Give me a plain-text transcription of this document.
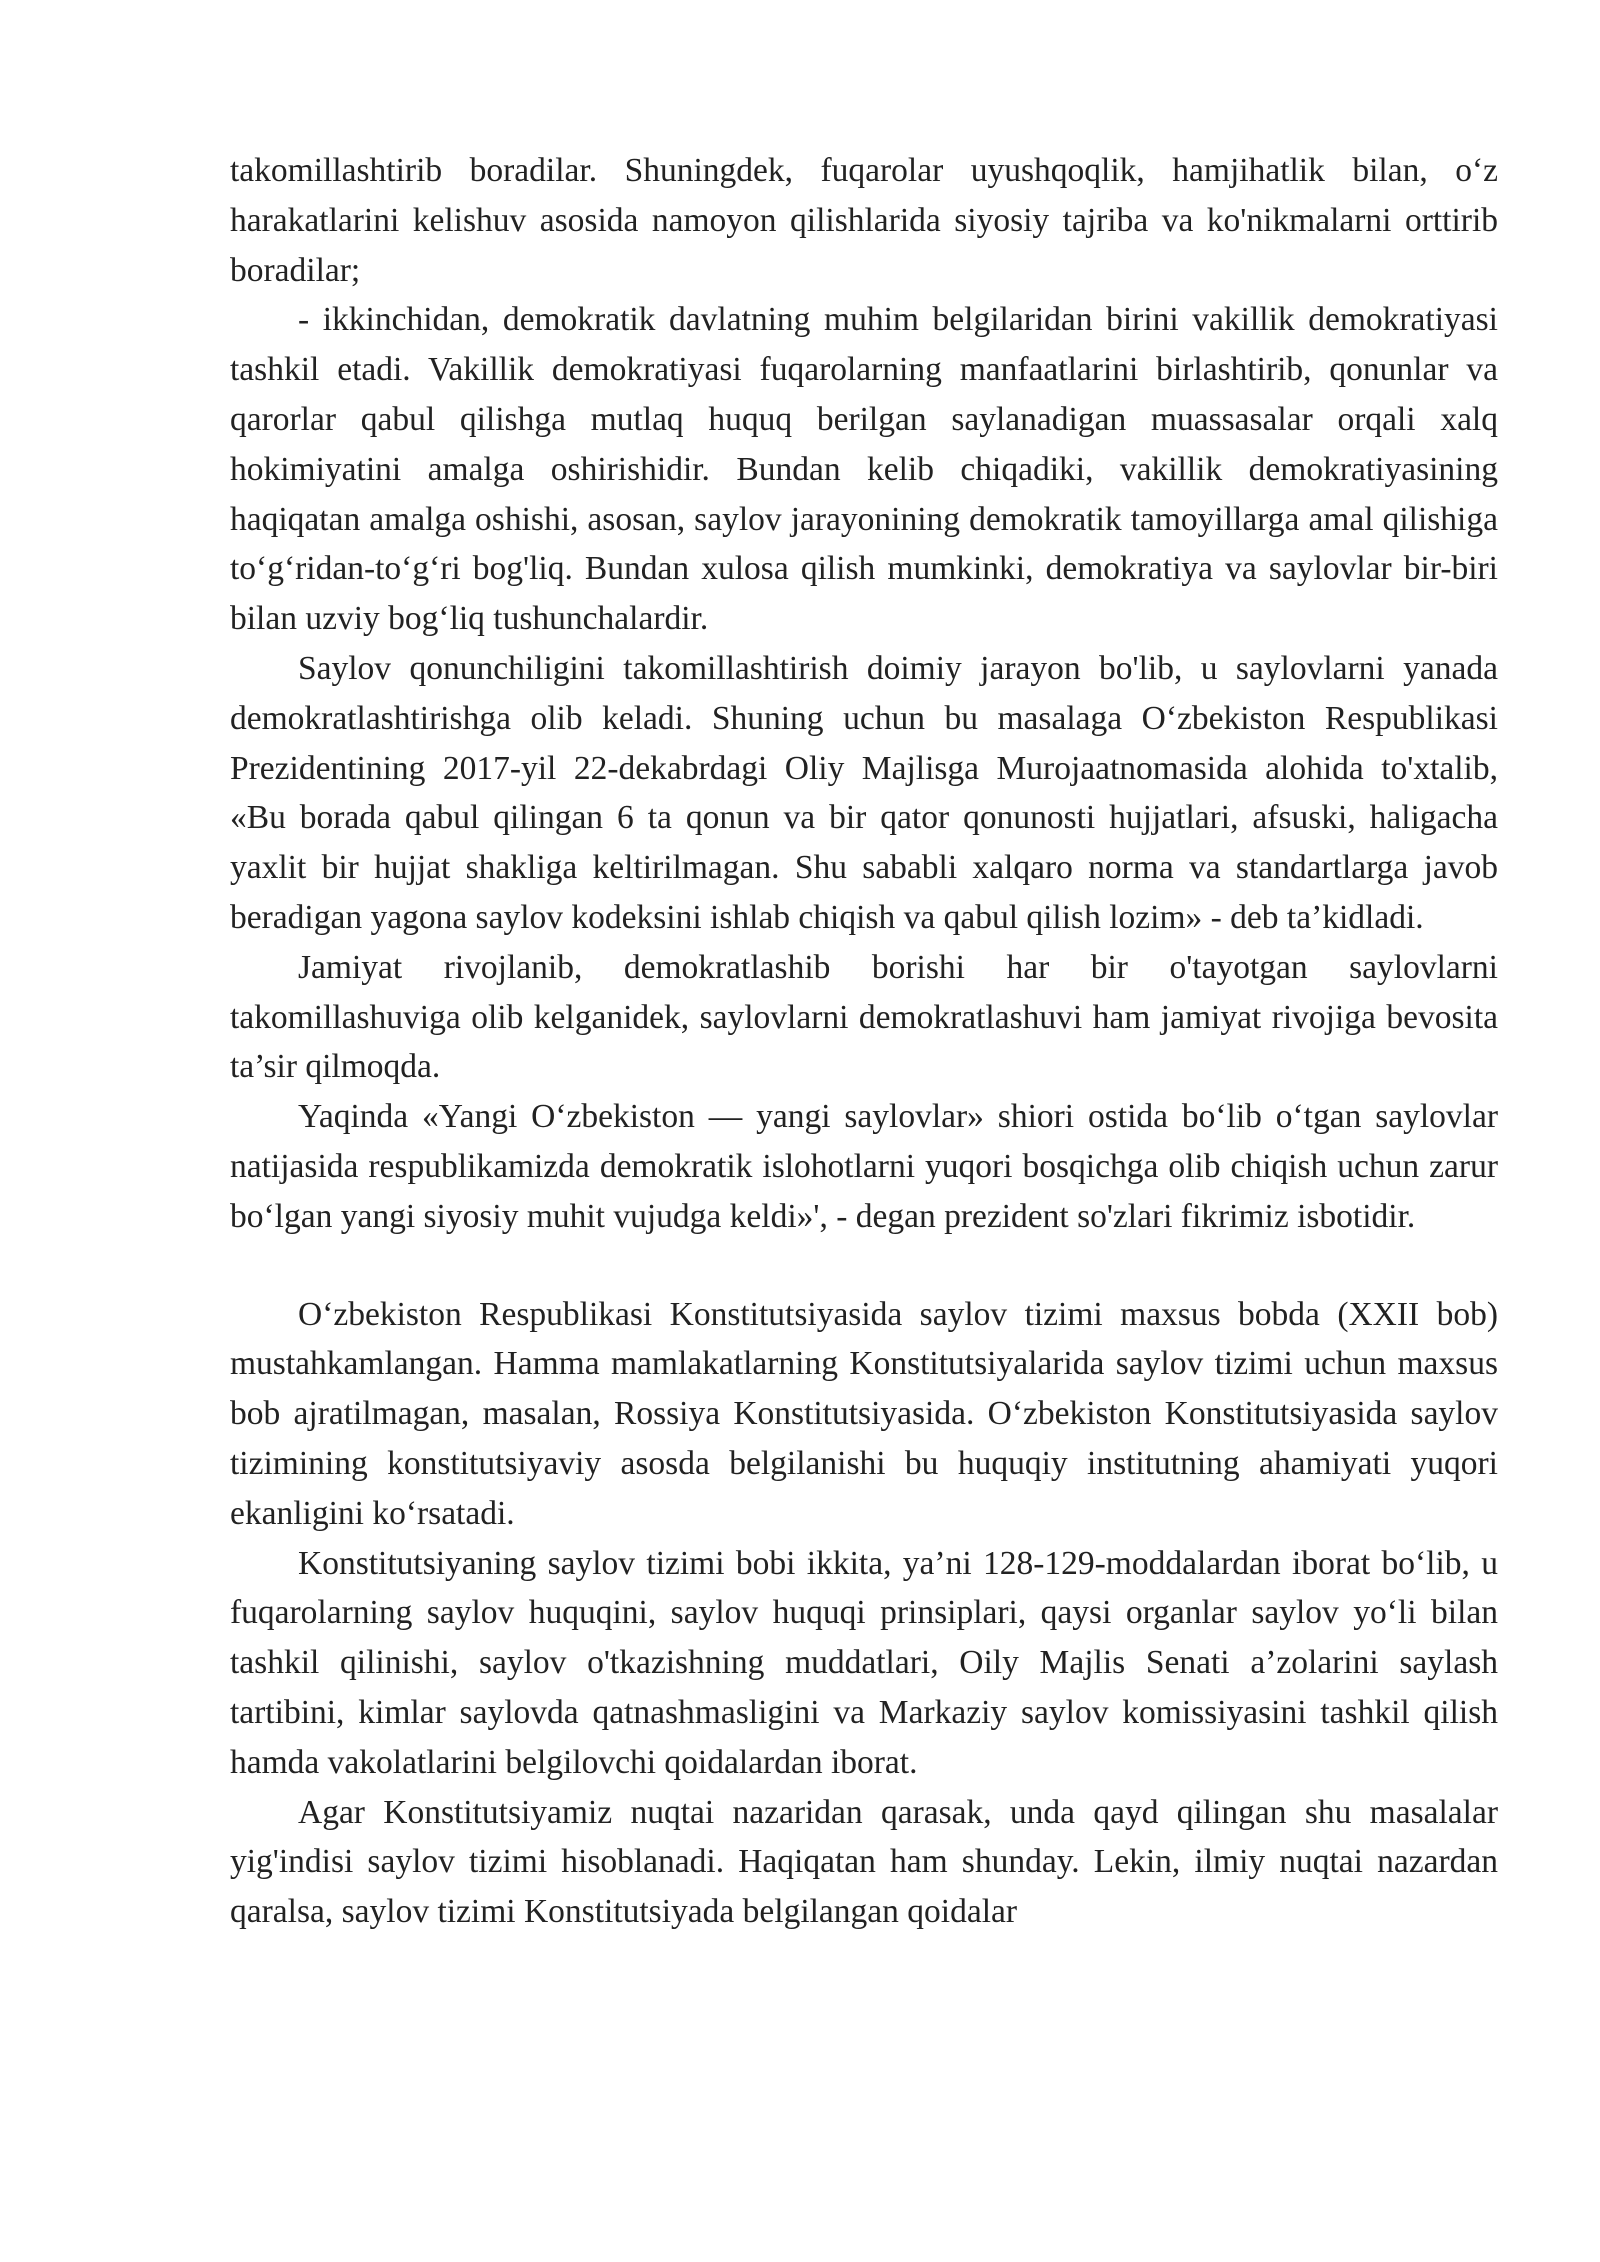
takomillashtirib boradilar. Shuningdek, fuqarolar uyushqoqlik, hamjihatlik bilan, o‘z harakatlarini kelishuv asosida namoyon qilishlarida siyosiy tajriba va ko'nikmalarni orttirib boradilar;

- ikkinchidan, demokratik davlatning muhim belgilaridan birini vakillik demokratiyasi tashkil etadi. Vakillik demokratiyasi fuqarolarning manfaatlarini birlashtirib, qonunlar va qarorlar qabul qilishga mutlaq huquq berilgan saylanadigan muassasalar orqali xalq hokimiyatini amalga oshirishidir. Bundan kelib chiqadiki, vakillik demokratiyasining haqiqatan amalga oshishi, asosan, saylov jarayonining demokratik tamoyillarga amal qilishiga to‘g‘ridan-to‘g‘ri bog'liq. Bundan xulosa qilish mumkinki, demokratiya va saylovlar bir-biri bilan uzviy bog‘liq tushunchalardir.

Saylov qonunchiligini takomillashtirish doimiy jarayon bo'lib, u saylovlarni yanada demokratlashtirishga olib keladi. Shuning uchun bu masalaga O‘zbekiston Respublikasi Prezidentining 2017-yil 22-dekabrdagi Oliy Majlisga Murojaatnomasida alohida to'xtalib, «Bu borada qabul qilingan 6 ta qonun va bir qator qonunosti hujjatlari, afsuski, haligacha yaxlit bir hujjat shakliga keltirilmagan. Shu sababli xalqaro norma va standartlarga javob beradigan yagona saylov kodeksini ishlab chiqish va qabul qilish lozim» - deb ta’kidladi.

Jamiyat rivojlanib, demokratlashib borishi har bir o'tayotgan saylovlarni takomillashuviga olib kelganidek, saylovlarni demokratlashuvi ham jamiyat rivojiga bevosita ta’sir qilmoqda.

Yaqinda «Yangi O‘zbekiston — yangi saylovlar» shiori ostida bo‘lib o‘tgan saylovlar natijasida respublikamizda demokratik islohotlarni yuqori bosqichga olib chiqish uchun zarur bo‘lgan yangi siyosiy muhit vujudga keldi»', - degan prezident so'zlari fikrimiz isbotidir.

O‘zbekiston Respublikasi Konstitutsiyasida saylov tizimi maxsus bobda (XXII bob) mustahkamlangan. Hamma mamlakatlarning Konstitutsiyalarida saylov tizimi uchun maxsus bob ajratilmagan, masalan, Rossiya Konstitutsiyasida. O‘zbekiston Konstitutsiyasida saylov tizimining konstitutsiyaviy asosda belgilanishi bu huquqiy institutning ahamiyati yuqori ekanligini ko‘rsatadi.

Konstitutsiyaning saylov tizimi bobi ikkita, ya’ni 128-129-moddalardan iborat bo‘lib, u fuqarolarning saylov huquqini, saylov huquqi prinsiplari, qaysi organlar saylov yo‘li bilan tashkil qilinishi, saylov o'tkazishning muddatlari, Oily Majlis Senati a’zolarini saylash tartibini, kimlar saylovda qatnashmasligini va Markaziy saylov komissiyasini tashkil qilish hamda vakolatlarini belgilovchi qoidalardan iborat.

Agar Konstitutsiyamiz nuqtai nazaridan qarasak, unda qayd qilingan shu masalalar yig'indisi saylov tizimi hisoblanadi. Haqiqatan ham shunday. Lekin, ilmiy nuqtai nazardan qaralsa, saylov tizimi Konstitutsiyada belgilangan qoidalar
